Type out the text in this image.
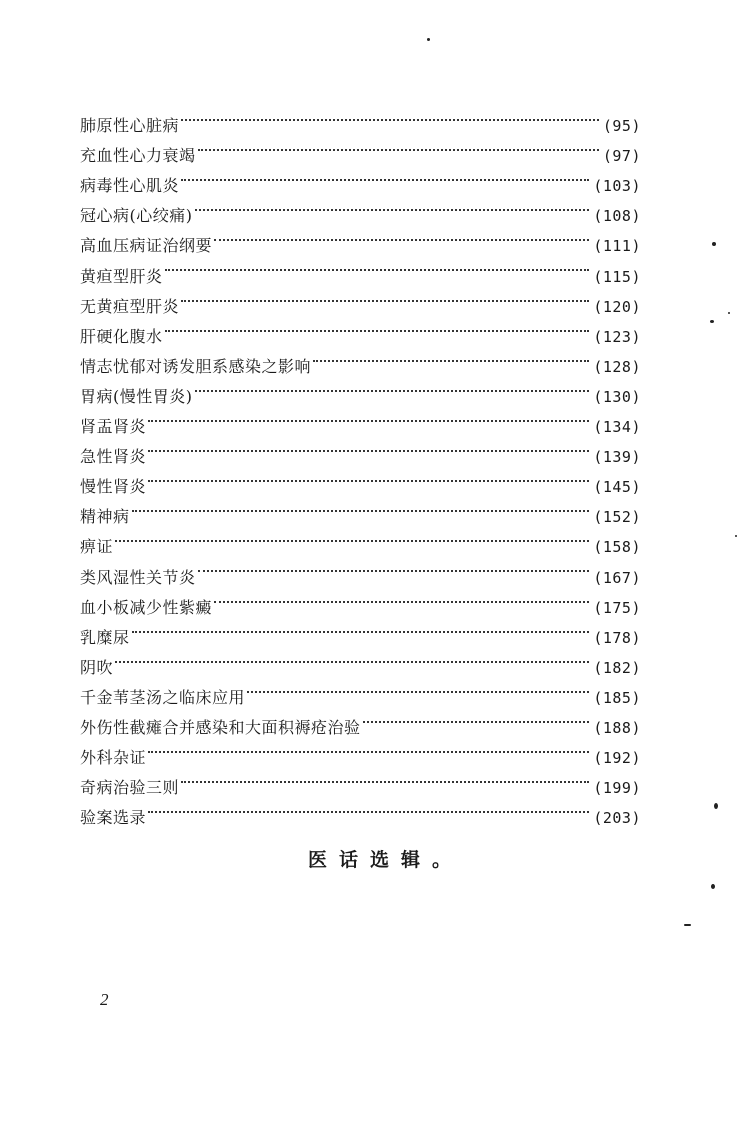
肺原性心脏病	(95)
充血性心力衰竭	(97)
病毒性心肌炎	(103)
冠心病(心绞痛)	(108)
高血压病证治纲要	(111)
黄疸型肝炎	(115)
无黄疸型肝炎	(120)
肝硬化腹水	(123)
情志忧郁对诱发胆系感染之影响	(128)
胃病(慢性胃炎)	(130)
肾盂肾炎	(134)
急性肾炎	(139)
慢性肾炎	(145)
精神病	(152)
痹证	(158)
类风湿性关节炎	(167)
血小板减少性紫癜	(175)
乳糜尿	(178)
阴吹	(182)
千金苇茎汤之临床应用	(185)
外伤性截瘫合并感染和大面积褥疮治验	(188)
外科杂证	(192)
奇病治验三则	(199)
验案选录	(203)
医话选辑。
2
